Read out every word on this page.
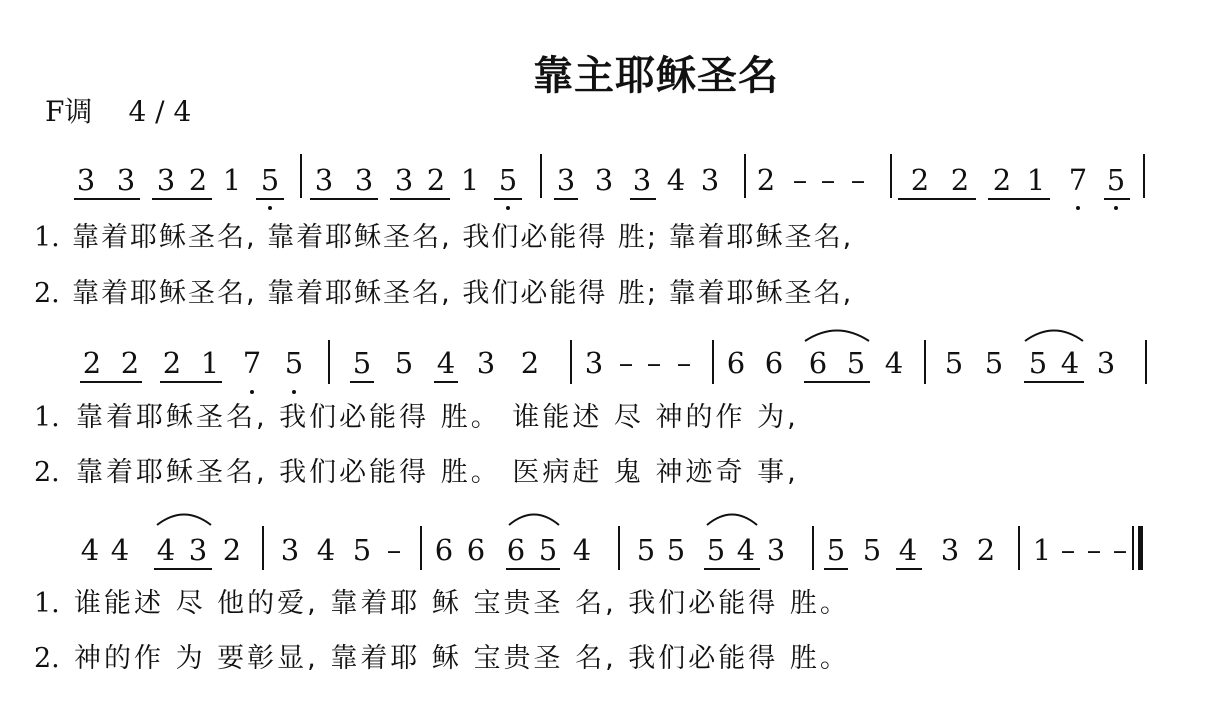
靠主耶稣圣名
F调 4 / 4
3 3 3 2 1 5 3 3 3 2 1 5 3 3 3 4 3 2 – – – 2 2 2 1 7 5
2 2 2 1 7 5 5 5 4 3 2 3 – – – 6 6 6 5 4 5 5 5 4 3
4 4 4 3 2 3 4 5 – 6 6 6 5 4 5 5 5 4 3 5 5 4 3 2 1 – – –
1. 靠着耶稣圣名, 靠着耶稣圣名, 我们必能得 胜; 靠着耶稣圣名,
2. 靠着耶稣圣名, 靠着耶稣圣名, 我们必能得 胜; 靠着耶稣圣名,
1. 靠着耶稣圣名, 我们必能得 胜。 谁能述 尽 神的作 为,
2. 靠着耶稣圣名, 我们必能得 胜。 医病赶 鬼 神迹奇 事,
1. 谁能述 尽 他的爱, 靠着耶 稣 宝贵圣 名, 我们必能得 胜。
2. 神的作 为 要彰显, 靠着耶 稣 宝贵圣 名, 我们必能得 胜。
